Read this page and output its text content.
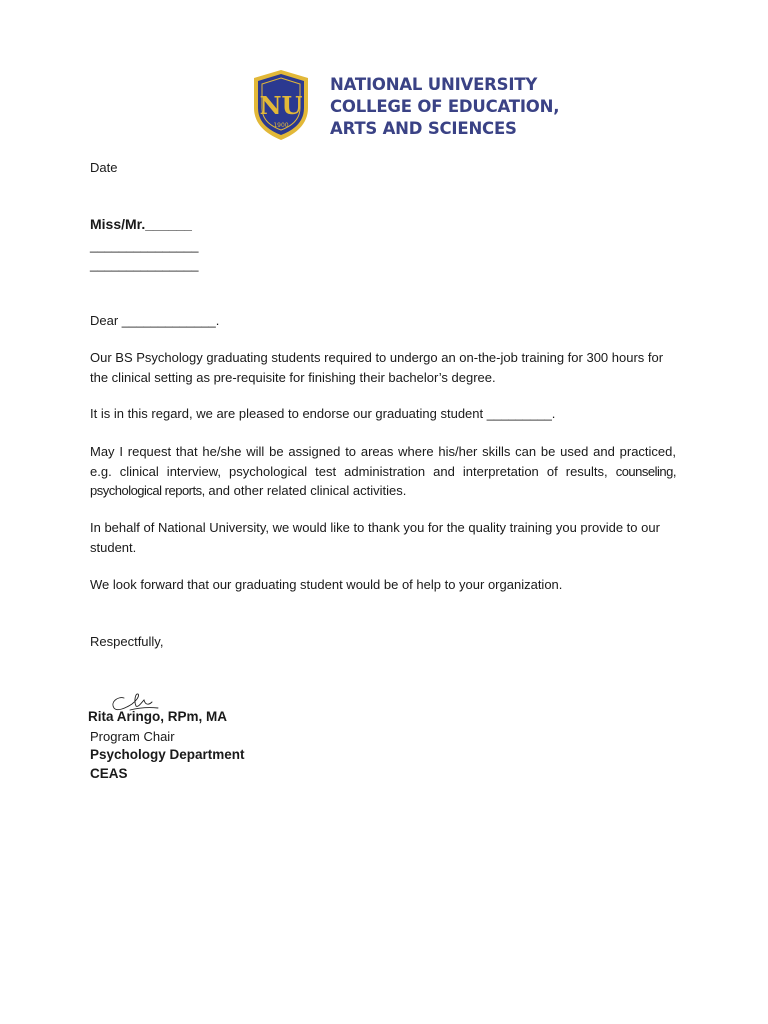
NU
1900
NATIONAL UNIVERSITY
COLLEGE OF EDUCATION,
ARTS AND SCIENCES
Date
Miss/Mr.______
_______________
_______________
Dear _____________.
Our BS Psychology graduating students required to undergo an on-the-job training for 300 hours for the clinical setting as pre-requisite for finishing their bachelor’s degree.
It is in this regard, we are pleased to endorse our graduating student _________.
May I request that he/she will be assigned to areas where his/her skills can be used and practiced, e.g. clinical interview, psychological test administration and interpretation of results, counseling, psychological reports, and other related clinical activities.
In behalf of National University, we would like to thank you for the quality training you provide to our student.
We look forward that our graduating student would be of help to your organization.
Respectfully,
Rita Aringo, RPm, MA
Program Chair
Psychology Department
CEAS
